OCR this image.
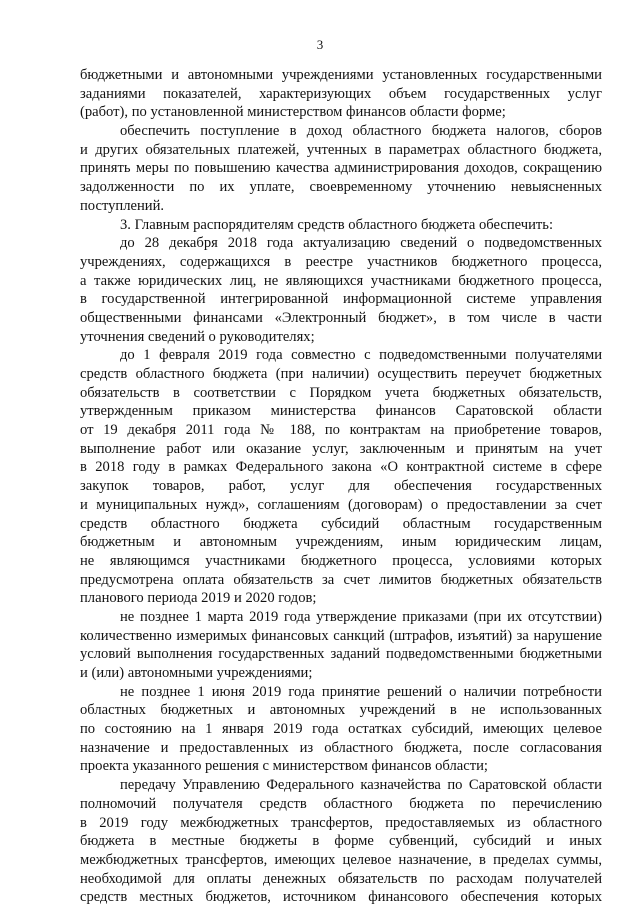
3
бюджетными и автономными учреждениями установленных государственными
заданиями показателей, характеризующих объем государственных услуг
(работ), по установленной министерством финансов области форме;
обеспечить поступление в доход областного бюджета налогов, сборов
и других обязательных платежей, учтенных в параметрах областного бюджета,
принять меры по повышению качества администрирования доходов, сокращению
задолженности по их уплате, своевременному уточнению невыясненных
поступлений.
3. Главным распорядителям средств областного бюджета обеспечить:
до 28 декабря 2018 года актуализацию сведений о подведомственных
учреждениях, содержащихся в реестре участников бюджетного процесса,
а также юридических лиц, не являющихся участниками бюджетного процесса,
в государственной интегрированной информационной системе управления
общественными финансами «Электронный бюджет», в том числе в части
уточнения сведений о руководителях;
до 1 февраля 2019 года совместно с подведомственными получателями
средств областного бюджета (при наличии) осуществить переучет бюджетных
обязательств в соответствии с Порядком учета бюджетных обязательств,
утвержденным приказом министерства финансов Саратовской области
от 19 декабря 2011 года № 188, по контрактам на приобретение товаров,
выполнение работ или оказание услуг, заключенным и принятым на учет
в 2018 году в рамках Федерального закона «О контрактной системе в сфере
закупок товаров, работ, услуг для обеспечения государственных
и муниципальных нужд», соглашениям (договорам) о предоставлении за счет
средств областного бюджета субсидий областным государственным
бюджетным и автономным учреждениям, иным юридическим лицам,
не являющимся участниками бюджетного процесса, условиями которых
предусмотрена оплата обязательств за счет лимитов бюджетных обязательств
планового периода 2019 и 2020 годов;
не позднее 1 марта 2019 года утверждение приказами (при их отсутствии)
количественно измеримых финансовых санкций (штрафов, изъятий) за нарушение
условий выполнения государственных заданий подведомственными бюджетными
и (или) автономными учреждениями;
не позднее 1 июня 2019 года принятие решений о наличии потребности
областных бюджетных и автономных учреждений в не использованных
по состоянию на 1 января 2019 года остатках субсидий, имеющих целевое
назначение и предоставленных из областного бюджета, после согласования
проекта указанного решения с министерством финансов области;
передачу Управлению Федерального казначейства по Саратовской области
полномочий получателя средств областного бюджета по перечислению
в 2019 году межбюджетных трансфертов, предоставляемых из областного
бюджета в местные бюджеты в форме субвенций, субсидий и иных
межбюджетных трансфертов, имеющих целевое назначение, в пределах суммы,
необходимой для оплаты денежных обязательств по расходам получателей
средств местных бюджетов, источником финансового обеспечения которых
